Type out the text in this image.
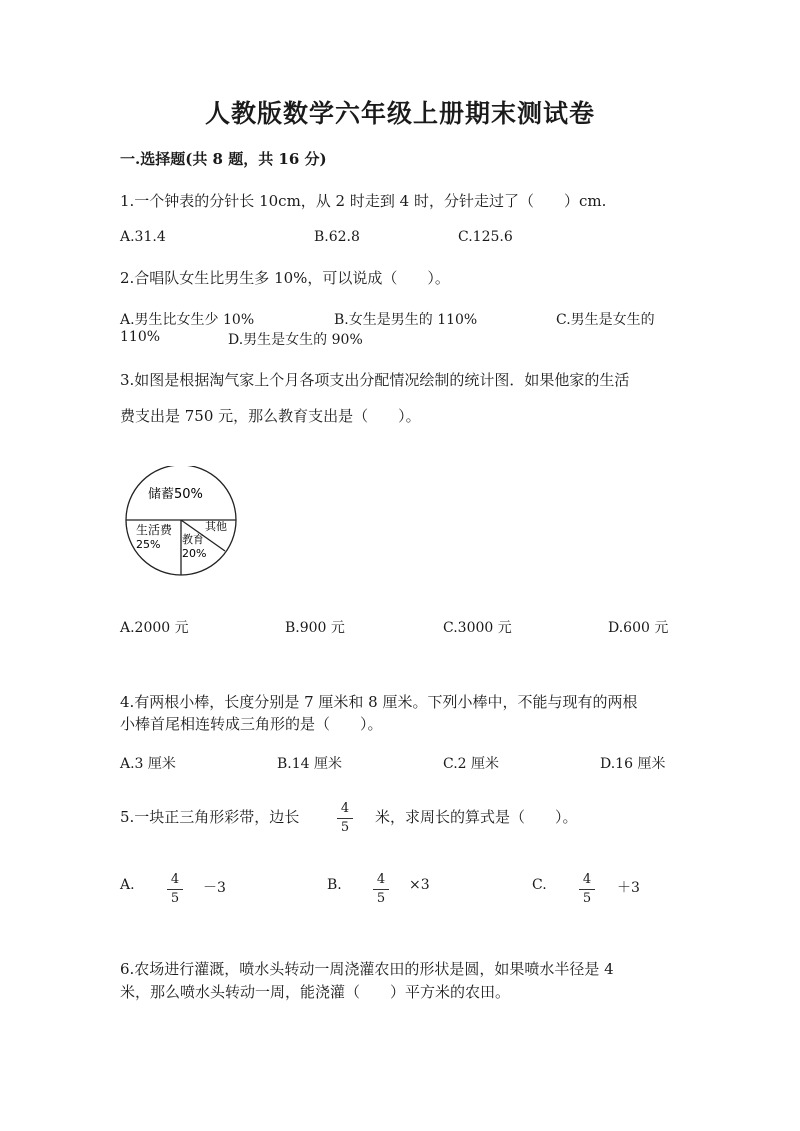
人教版数学六年级上册期末测试卷
一.选择题(共 8 题，共 16 分)
1.一个钟表的分针长 10cm，从 2 时走到 4 时，分针走过了（　　）cm.
A.31.4	B.62.8	C.125.6
2.合唱队女生比男生多 10%，可以说成（　　）。
A.男生比女生少 10%	B.女生是男生的 110%	C.男生是女生的
110%	D.男生是女生的 90%
3.如图是根据淘气家上个月各项支出分配情况绘制的统计图．如果他家的生活
费支出是 750 元，那么教育支出是（　　）。
储蓄50%
生活费
25% 教育
20%
其他
A.2000 元	B.900 元	C.3000 元	D.600 元
4.有两根小棒，长度分别是 7 厘米和 8 厘米。下列小棒中，不能与现有的两根
小棒首尾相连转成三角形的是（　　）。
A.3 厘米	B.14 厘米	C.2 厘米	D.16 厘米
5.一块正三角形彩带，边长	4
5
米，求周长的算式是（　　）。
A.	4
5
－3	B.	4
5
×3	C.	4
5
＋3
6.农场进行灌溉，喷水头转动一周浇灌农田的形状是圆，如果喷水半径是 4
米，那么喷水头转动一周，能浇灌（　　）平方米的农田。
